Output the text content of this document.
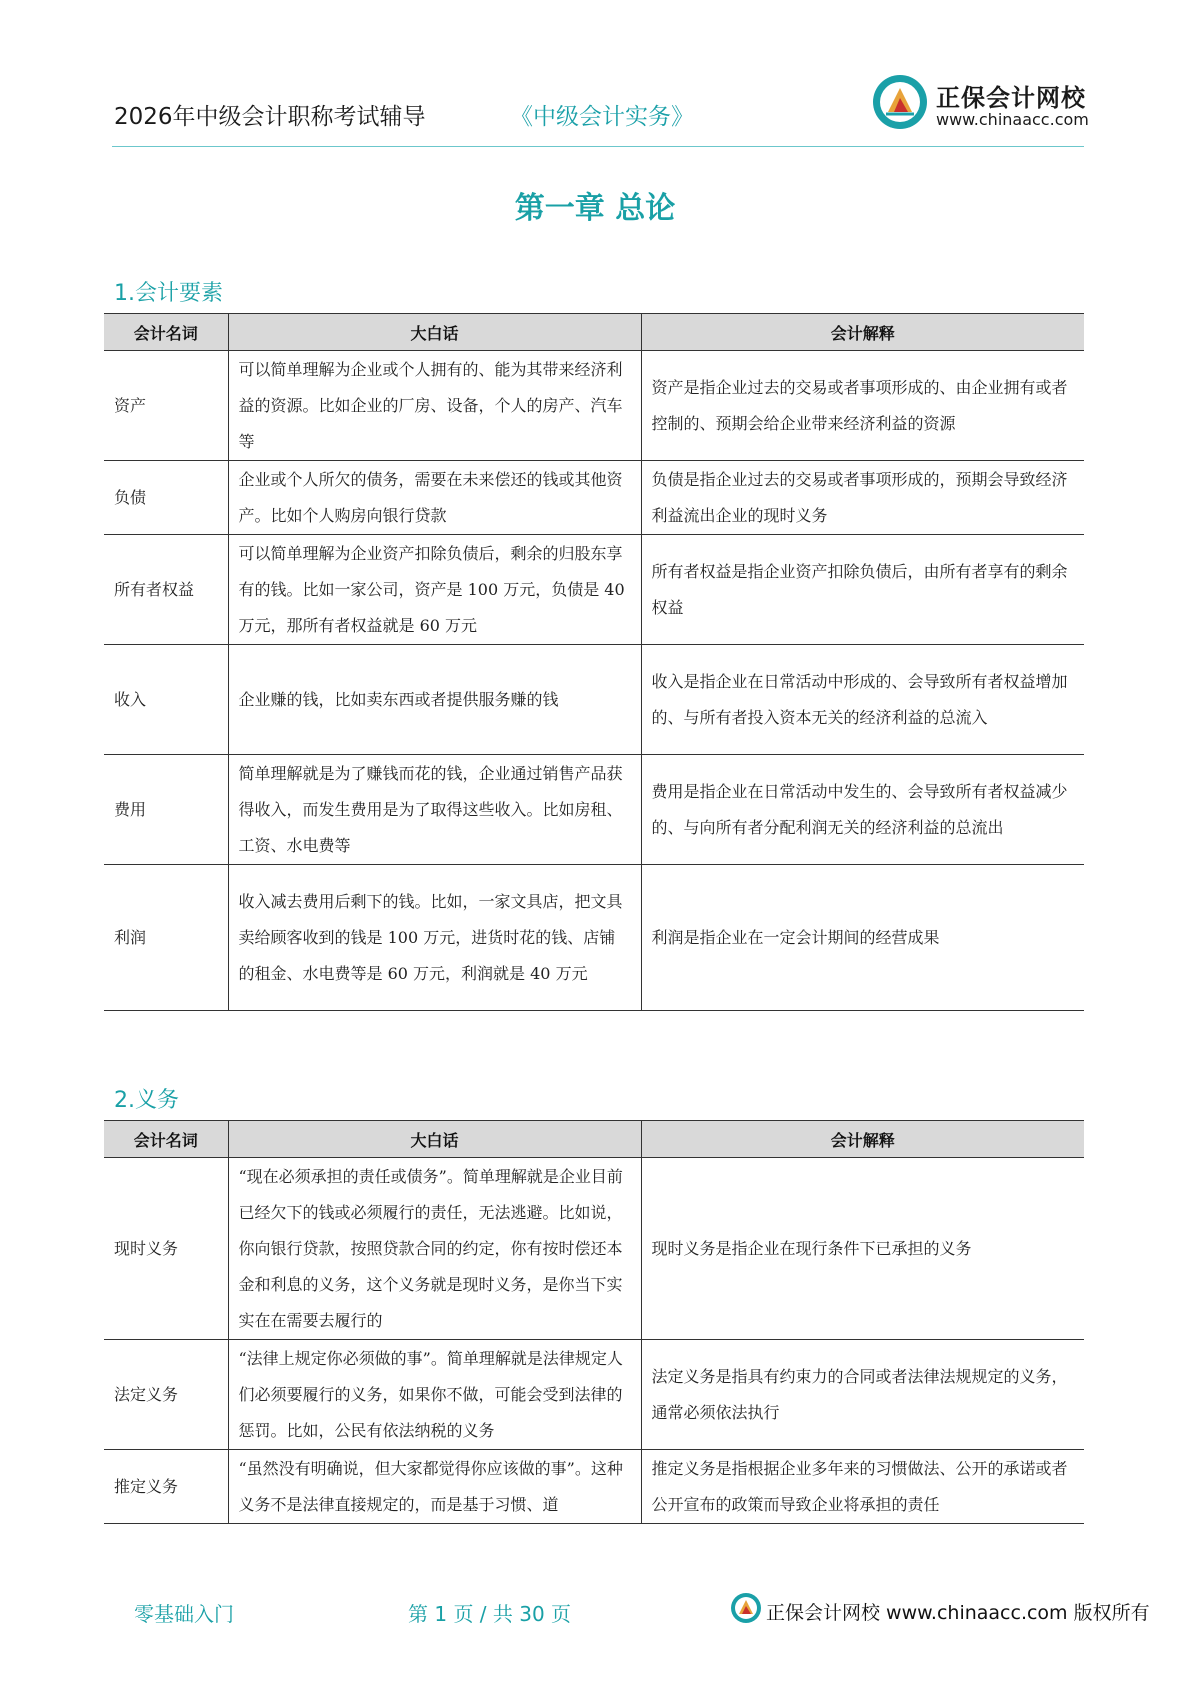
2026年中级会计职称考试辅导	《中级会计实务》
正保会计网校
www.chinaacc.com
第一章 总论
1.会计要素
会计名词	大白话	会计解释
资产	可以简单理解为企业或个人拥有的、能为其带来经济利益的资源。比如企业的厂房、设备，个人的房产、汽车等	资产是指企业过去的交易或者事项形成的、由企业拥有或者控制的、预期会给企业带来经济利益的资源
负债	企业或个人所欠的债务，需要在未来偿还的钱或其他资产。比如个人购房向银行贷款	负债是指企业过去的交易或者事项形成的，预期会导致经济利益流出企业的现时义务
所有者权益	可以简单理解为企业资产扣除负债后，剩余的归股东享有的钱。比如一家公司，资产是 100 万元，负债是 40 万元，那所有者权益就是 60 万元	所有者权益是指企业资产扣除负债后，由所有者享有的剩余权益
收入	企业赚的钱，比如卖东西或者提供服务赚的钱	收入是指企业在日常活动中形成的、会导致所有者权益增加的、与所有者投入资本无关的经济利益的总流入
费用	简单理解就是为了赚钱而花的钱，企业通过销售产品获得收入，而发生费用是为了取得这些收入。比如房租、工资、水电费等	费用是指企业在日常活动中发生的、会导致所有者权益减少的、与向所有者分配利润无关的经济利益的总流出
利润	收入减去费用后剩下的钱。比如，一家文具店，把文具卖给顾客收到的钱是 100 万元，进货时花的钱、店铺的租金、水电费等是 60 万元，利润就是 40 万元	利润是指企业在一定会计期间的经营成果
2.义务
会计名词	大白话	会计解释
现时义务	“现在必须承担的责任或债务”。简单理解就是企业目前已经欠下的钱或必须履行的责任，无法逃避。比如说，你向银行贷款，按照贷款合同的约定，你有按时偿还本金和利息的义务，这个义务就是现时义务，是你当下实实在在需要去履行的	现时义务是指企业在现行条件下已承担的义务
法定义务	“法律上规定你必须做的事”。简单理解就是法律规定人们必须要履行的义务，如果你不做，可能会受到法律的惩罚。比如，公民有依法纳税的义务	法定义务是指具有约束力的合同或者法律法规规定的义务，通常必须依法执行
推定义务	“虽然没有明确说，但大家都觉得你应该做的事”。这种义务不是法律直接规定的，而是基于习惯、道	推定义务是指根据企业多年来的习惯做法、公开的承诺或者公开宣布的政策而导致企业将承担的责任
零基础入门	第 1 页 / 共 30 页	正保会计网校 www.chinaacc.com 版权所有
